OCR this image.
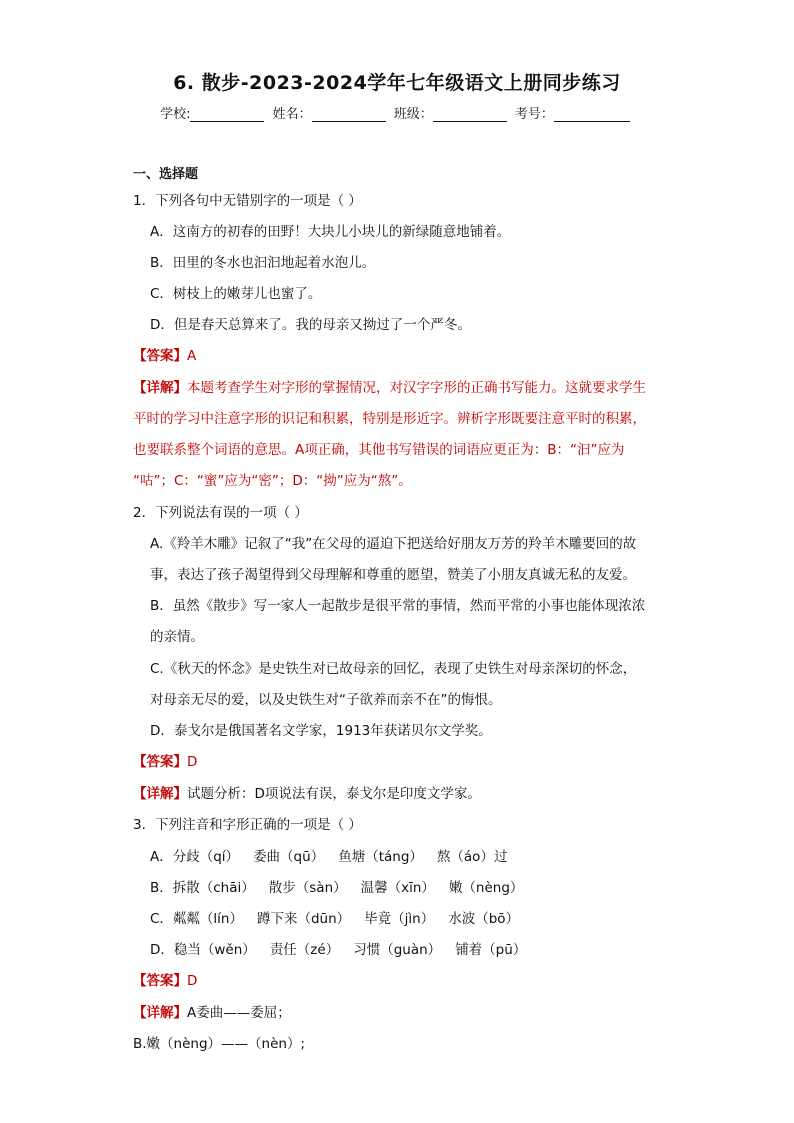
6. 散步-2023-2024学年七年级语文上册同步练习
学校:	姓名：	班级：	考号：
一、选择题
1．下列各句中无错别字的一项是（ ）
A．这南方的初春的田野！大块儿小块儿的新绿随意地铺着。
B．田里的冬水也汩汩地起着水泡儿。
C．树枝上的嫩芽儿也蜜了。
D．但是春天总算来了。我的母亲又拗过了一个严冬。
【答案】A
【详解】本题考查学生对字形的掌握情况，对汉字字形的正确书写能力。这就要求学生
平时的学习中注意字形的识记和积累，特别是形近字。辨析字形既要注意平时的积累，
也要联系整个词语的意思。A项正确，其他书写错误的词语应更正为：B：“汩”应为
“咕”；C：“蜜”应为“密”；D：“拗”应为“熬”。
2．下列说法有误的一项（ ）
A.《羚羊木雕》记叙了“我”在父母的逼迫下把送给好朋友万芳的羚羊木雕要回的故
事，表达了孩子渴望得到父母理解和尊重的愿望，赞美了小朋友真诚无私的友爱。
B．虽然《散步》写一家人一起散步是很平常的事情，然而平常的小事也能体现浓浓
的亲情。
C.《秋天的怀念》是史铁生对已故母亲的回忆，表现了史铁生对母亲深切的怀念，
对母亲无尽的爱，以及史铁生对“子欲养而亲不在”的悔恨。
D．泰戈尔是俄国著名文学家，1913年获诺贝尔文学奖。
【答案】D
【详解】试题分析：D项说法有误，泰戈尔是印度文学家。
3．下列注音和字形正确的一项是（ ）
A．分歧（qí） 委曲（qū） 鱼塘（táng） 熬（áo）过
B．拆散（chāi） 散步（sàn） 温馨（xīn） 嫩（nèng）
C．粼粼（lín） 蹲下来（dūn） 毕竟（jìn） 水波（bō）
D．稳当（wěn） 责任（zé） 习惯（guàn） 铺着（pū）
【答案】D
【详解】A委曲——委屈；
B.嫩（nèng）——（nèn）;
